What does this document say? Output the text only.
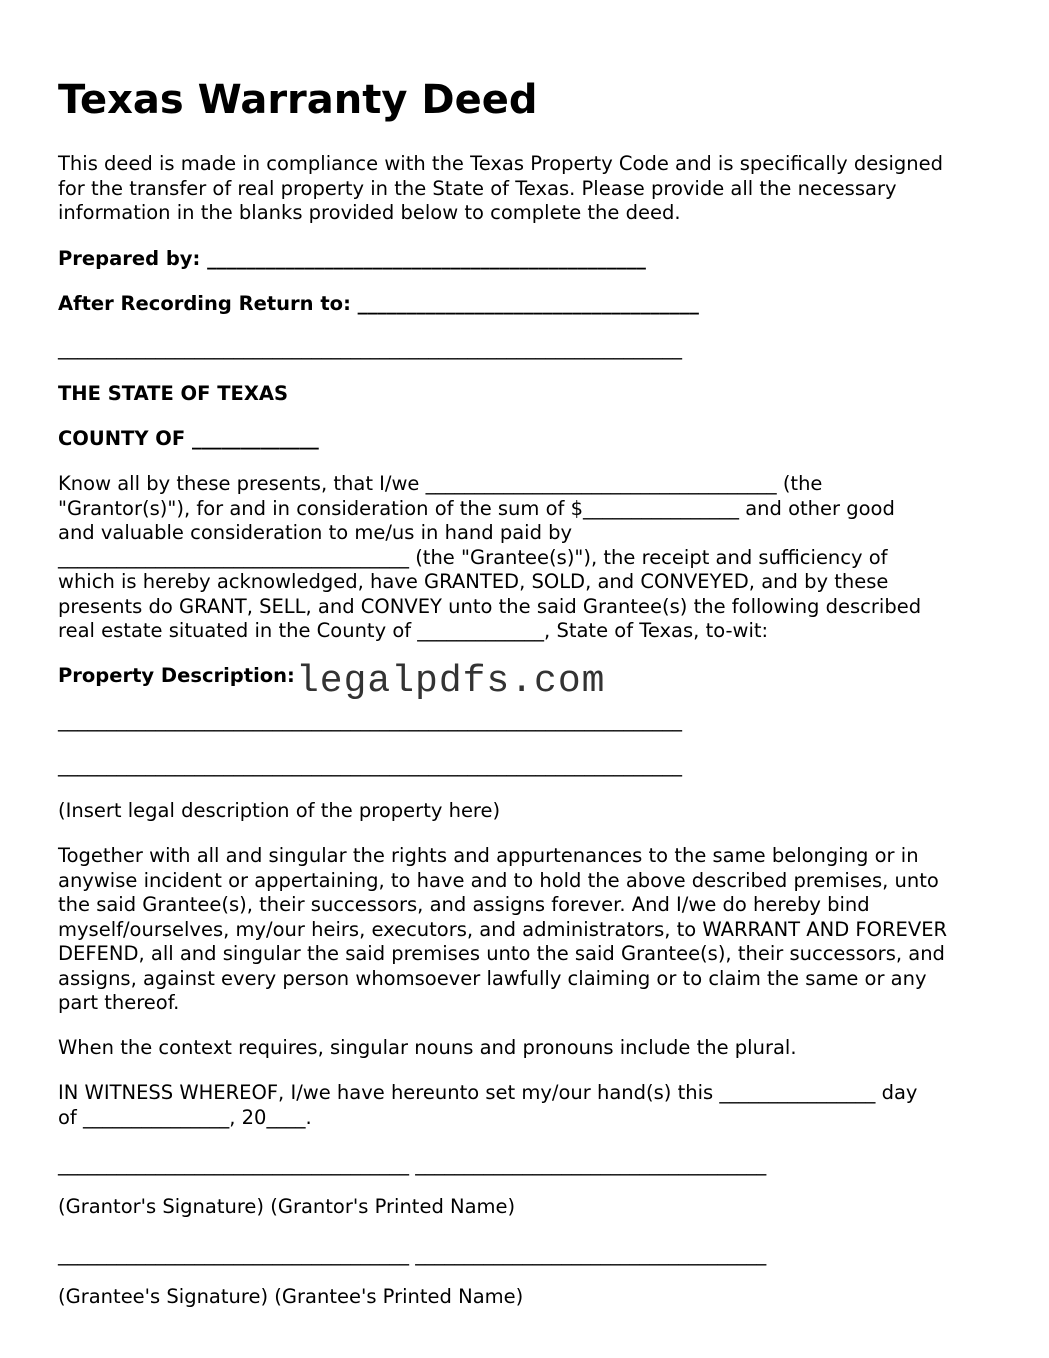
Texas Warranty Deed

This deed is made in compliance with the Texas Property Code and is specifically designed
for the transfer of real property in the State of Texas. Please provide all the necessary
information in the blanks provided below to complete the deed.

Prepared by: _____________________________________________

After Recording Return to: ___________________________________

________________________________________________________________

THE STATE OF TEXAS

COUNTY OF _____________

Know all by these presents, that I/we ____________________________________ (the
"Grantor(s)"), for and in consideration of the sum of $________________ and other good
and valuable consideration to me/us in hand paid by
____________________________________ (the "Grantee(s)"), the receipt and sufficiency of
which is hereby acknowledged, have GRANTED, SOLD, and CONVEYED, and by these
presents do GRANT, SELL, and CONVEY unto the said Grantee(s) the following described
real estate situated in the County of _____________, State of Texas, to-wit:

Property Description:

________________________________________________________________

________________________________________________________________

(Insert legal description of the property here)

Together with all and singular the rights and appurtenances to the same belonging or in
anywise incident or appertaining, to have and to hold the above described premises, unto
the said Grantee(s), their successors, and assigns forever. And I/we do hereby bind
myself/ourselves, my/our heirs, executors, and administrators, to WARRANT AND FOREVER
DEFEND, all and singular the said premises unto the said Grantee(s), their successors, and
assigns, against every person whomsoever lawfully claiming or to claim the same or any
part thereof.

When the context requires, singular nouns and pronouns include the plural.

IN WITNESS WHEREOF, I/we have hereunto set my/our hand(s) this ________________ day
of _______________, 20____.

____________________________________ ____________________________________

(Grantor's Signature) (Grantor's Printed Name)

____________________________________ ____________________________________

(Grantee's Signature) (Grantee's Printed Name)

legalpdfs.com
